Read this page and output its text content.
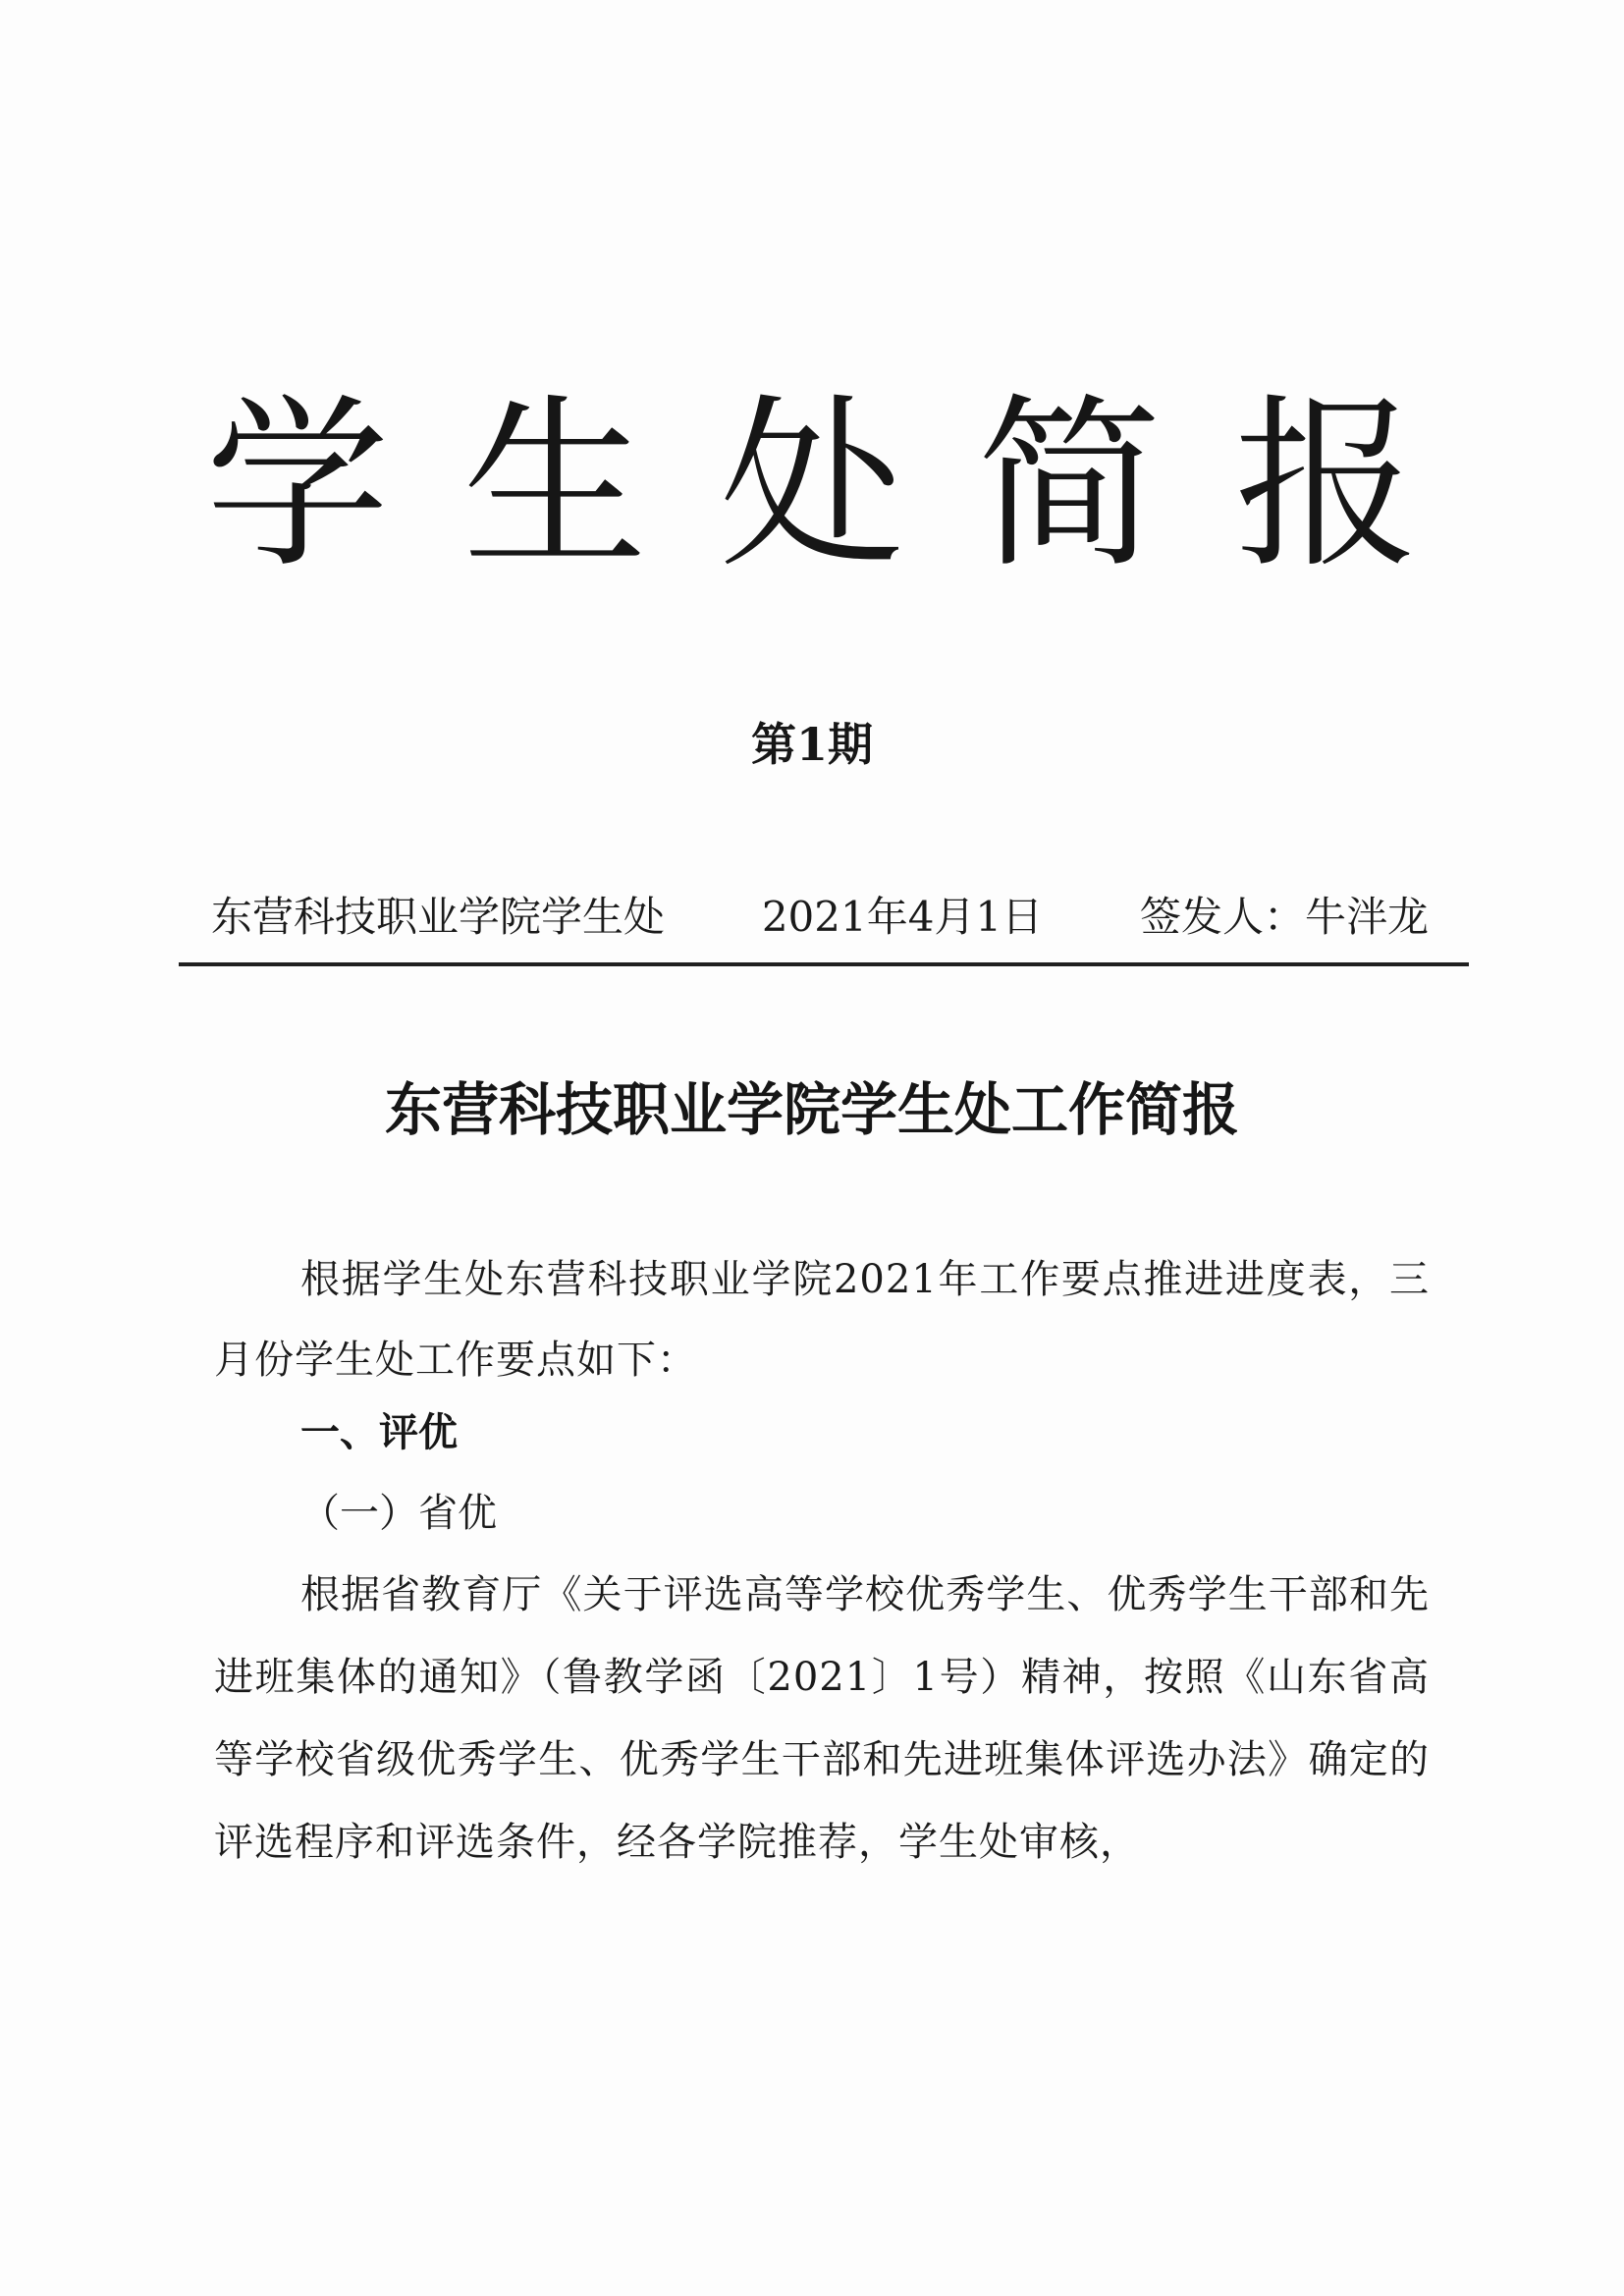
学生处简报
第1期
东营科技职业学院学生处 2021年4月1日 签发人：牛泮龙
东营科技职业学院学生处工作简报
根据学生处东营科技职业学院2021年工作要点推进进度表，三月份学生处工作要点如下：
一、评优
（一）省优
根据省教育厅《关于评选高等学校优秀学生、优秀学生干部和先进班集体的通知》（鲁教学函〔2021〕1号）精神，按照《山东省高等学校省级优秀学生、优秀学生干部和先进班集体评选办法》确定的评选程序和评选条件，经各学院推荐，学生处审核，
